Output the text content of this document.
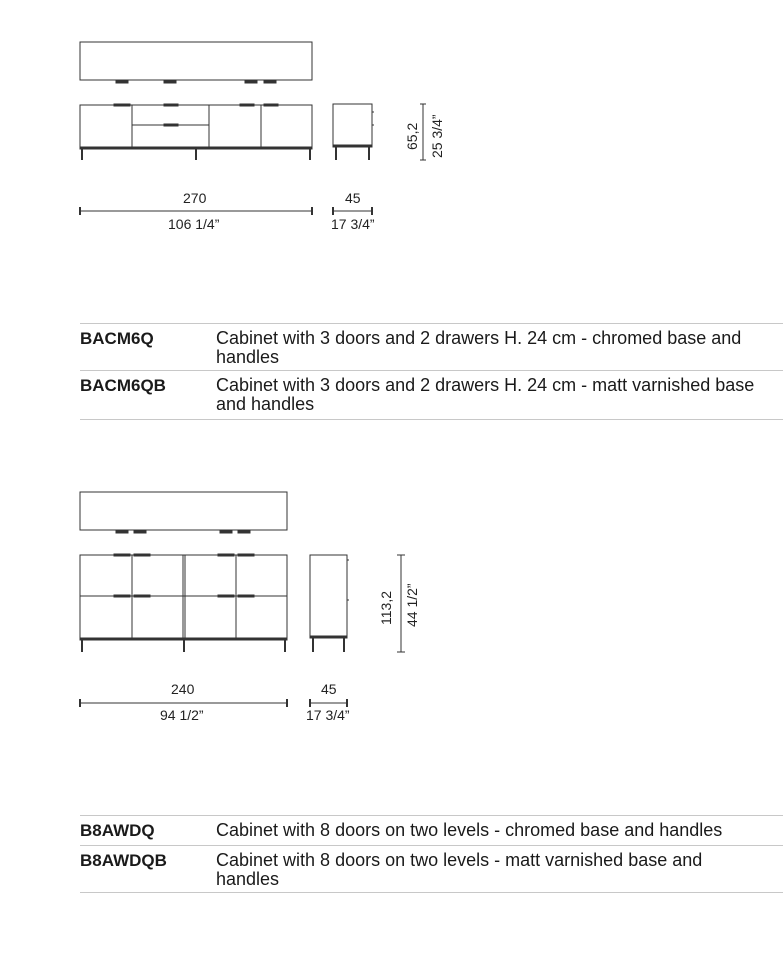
270
106 1/4”
45
17 3/4”
65,2 25 3/4”
BACM6Q	Cabinet with 3 doors and 2 drawers H. 24 cm - chromed base and handles
BACM6QB	Cabinet with 3 doors and 2 drawers H. 24 cm - matt varnished base and handles
240
94 1/2”
45
17 3/4”
113,2 44 1/2”
B8AWDQ	Cabinet with 8 doors on two levels - chromed base and handles
B8AWDQB	Cabinet with 8 doors on two levels - matt varnished base and handles
